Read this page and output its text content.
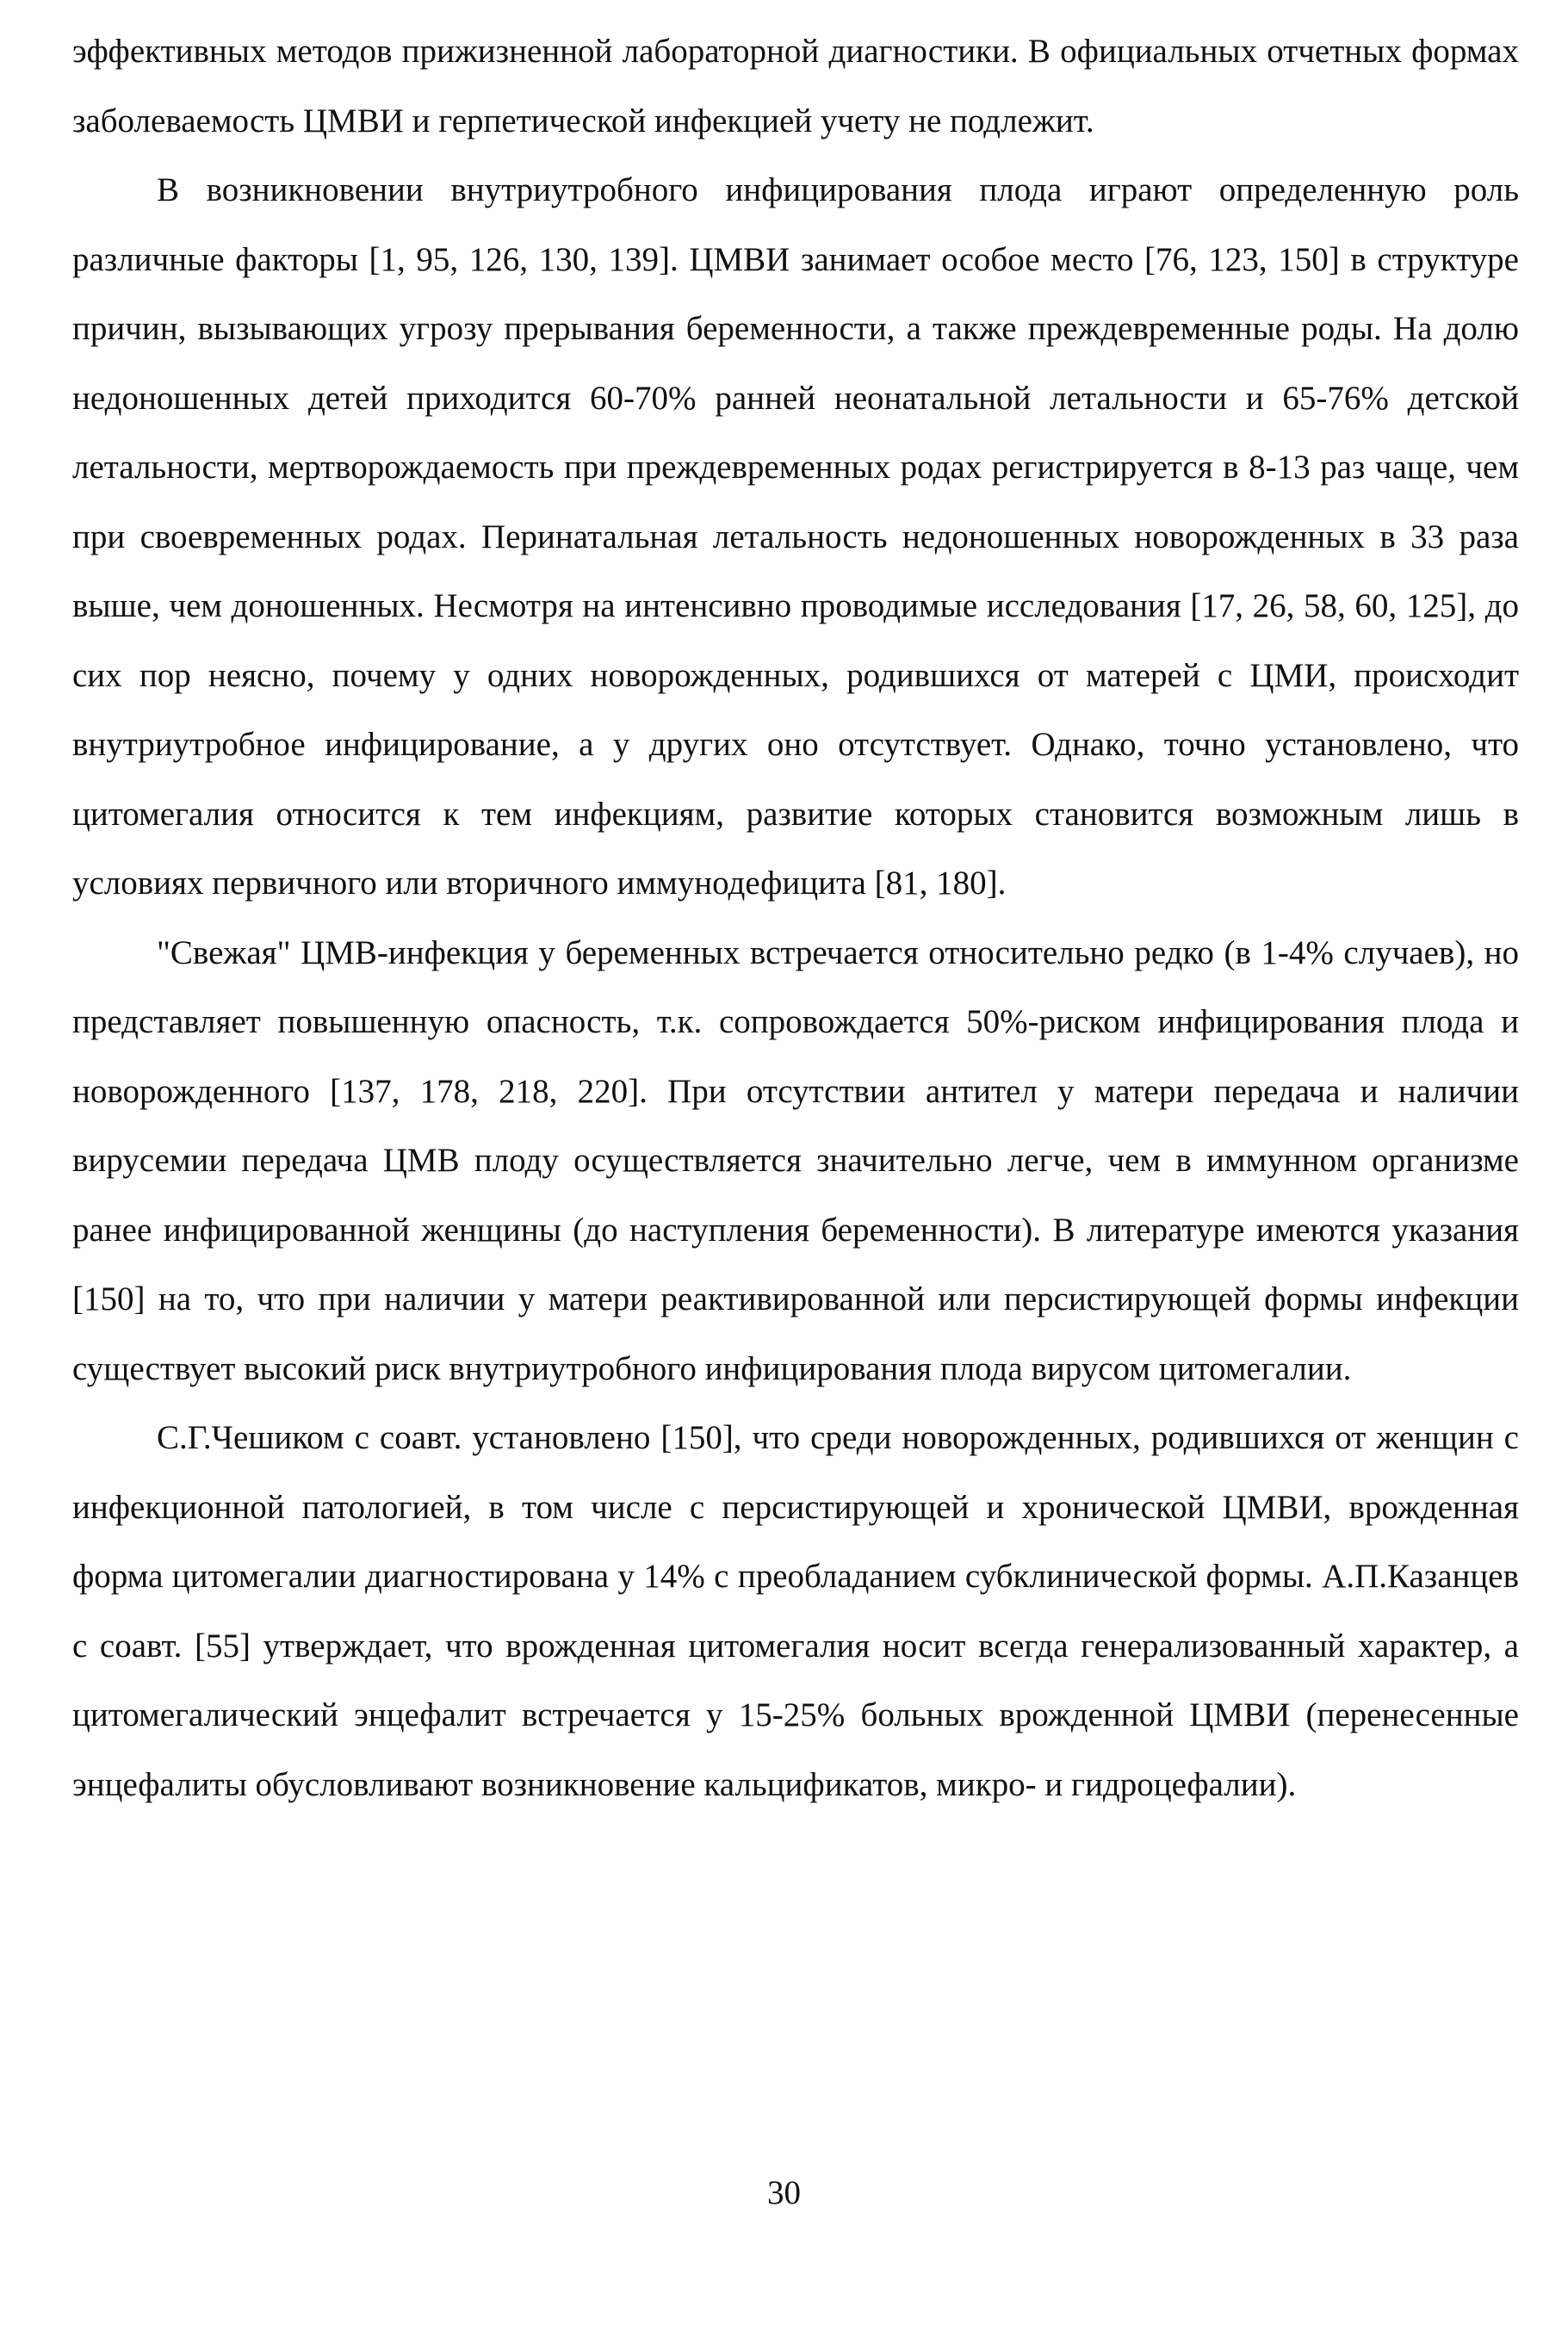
эффективных методов прижизненной лабораторной диагностики. В официальных отчетных формах заболеваемость ЦМВИ и герпетической инфекцией учету не подлежит.

В возникновении внутриутробного инфицирования плода играют определенную роль различные факторы [1, 95, 126, 130, 139]. ЦМВИ занимает особое место [76, 123, 150] в структуре причин, вызывающих угрозу прерывания беременности, а также преждевременные роды. На долю недоношенных детей приходится 60-70% ранней неонатальной летальности и 65-76% детской летальности, мертворождаемость при преждевременных родах регистрируется в 8-13 раз чаще, чем при своевременных родах. Перинатальная летальность недоношенных новорожденных в 33 раза выше, чем доношенных. Несмотря на интенсивно проводимые исследования [17, 26, 58, 60, 125], до сих пор неясно, почему у одних новорожденных, родившихся от матерей с ЦМИ, происходит внутриутробное инфицирование, а у других оно отсутствует. Однако, точно установлено, что цитомегалия относится к тем инфекциям, развитие которых становится возможным лишь в условиях первичного или вторичного иммунодефицита [81, 180].

"Свежая" ЦМВ-инфекция у беременных встречается относительно редко (в 1-4% случаев), но представляет повышенную опасность, т.к. сопровождается 50%-риском инфицирования плода и новорожденного [137, 178, 218, 220]. При отсутствии антител у матери передача и наличии вирусемии передача ЦМВ плоду осуществляется значительно легче, чем в иммунном организме ранее инфицированной женщины (до наступления беременности). В литературе имеются указания [150] на то, что при наличии у матери реактивированной или персистирующей формы инфекции существует высокий риск внутриутробного инфицирования плода вирусом цитомегалии.

С.Г.Чешиком с соавт. установлено [150], что среди новорожденных, родившихся от женщин с инфекционной патологией, в том числе с персистирующей и хронической ЦМВИ, врожденная форма цитомегалии диагностирована у 14% с преобладанием субклинической формы. А.П.Казанцев с соавт. [55] утверждает, что врожденная цитомегалия носит всегда генерализованный характер, а цитомегалический энцефалит встречается у 15-25% больных врожденной ЦМВИ (перенесенные энцефалиты обусловливают возникновение кальцификатов, микро- и гидроцефалии).

30
